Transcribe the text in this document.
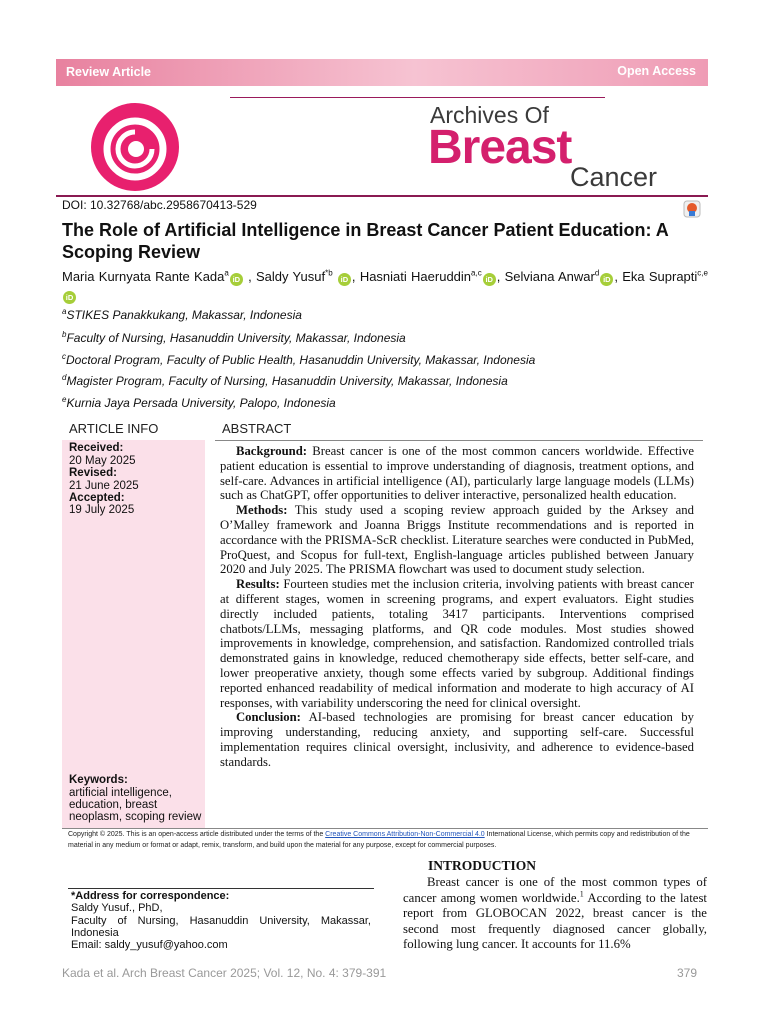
Review Article	Open Access
Archives Of
Breast
Cancer
DOI: 10.32768/abc.2958670413-529
The Role of Artificial Intelligence in Breast Cancer Patient Education: A Scoping Review
Maria Kurnyata Rante Kada$^a$iD , Saldy Yusuf$^{*b}$ iD , Hasniati Haeruddin$^{a,c}$iD , Selviana Anwar$^d$iD , Eka Suprapti$^{c,e}$iD
$^a$STIKES Panakkukang, Makassar, Indonesia
$^b$Faculty of Nursing, Hasanuddin University, Makassar, Indonesia
$^c$Doctoral Program, Faculty of Public Health, Hasanuddin University, Makassar, Indonesia
$^d$Magister Program, Faculty of Nursing, Hasanuddin University, Makassar, Indonesia
$^e$Kurnia Jaya Persada University, Palopo, Indonesia
ARTICLE INFO	ABSTRACT
Received:
20 May 2025
Revised:
21 June 2025
Accepted:
19 July 2025
Keywords:
artificial intelligence,
education, breast
neoplasm, scoping review

Background: Breast cancer is one of the most common cancers worldwide. Effective patient education is essential to improve understanding of diagnosis, treatment options, and self-care. Advances in artificial intelligence (AI), particularly large language models (LLMs) such as ChatGPT, offer opportunities to deliver interactive, personalized health education.

Methods: This study used a scoping review approach guided by the Arksey and O’Malley framework and Joanna Briggs Institute recommendations and is reported in accordance with the PRISMA-ScR checklist. Literature searches were conducted in PubMed, ProQuest, and Scopus for full-text, English-language articles published between January 2020 and July 2025. The PRISMA flowchart was used to document study selection.

Results: Fourteen studies met the inclusion criteria, involving patients with breast cancer at different stages, women in screening programs, and expert evaluators. Eight studies directly included patients, totaling 3417 participants. Interventions comprised chatbots/LLMs, messaging platforms, and QR code modules. Most studies showed improvements in knowledge, comprehension, and satisfaction. Randomized controlled trials demonstrated gains in knowledge, reduced chemotherapy side effects, better self-care, and lower preoperative anxiety, though some effects varied by subgroup. Additional findings reported enhanced readability of medical information and moderate to high accuracy of AI responses, with variability underscoring the need for clinical oversight.

Conclusion: AI-based technologies are promising for breast cancer education by improving understanding, reducing anxiety, and supporting self-care. Successful implementation requires clinical oversight, inclusivity, and adherence to evidence-based standards.

Copyright © 2025. This is an open-access article distributed under the terms of the Creative Commons Attribution-Non-Commercial 4.0 International License, which permits copy and redistribution of the material in any medium or format or adapt, remix, transform, and build upon the material for any purpose, except for commercial purposes.
INTRODUCTION

Breast cancer is one of the most common types of cancer among women worldwide.$^1$ According to the latest report from GLOBOCAN 2022, breast cancer is the second most frequently diagnosed cancer globally, following lung cancer. It accounts for 11.6%

*Address for correspondence:
Saldy Yusuf., PhD,
Faculty of Nursing, Hasanuddin University, Makassar, Indonesia
Email: saldy_yusuf@yahoo.com
Kada et al. Arch Breast Cancer 2025; Vol. 12, No. 4: 379-391	379
